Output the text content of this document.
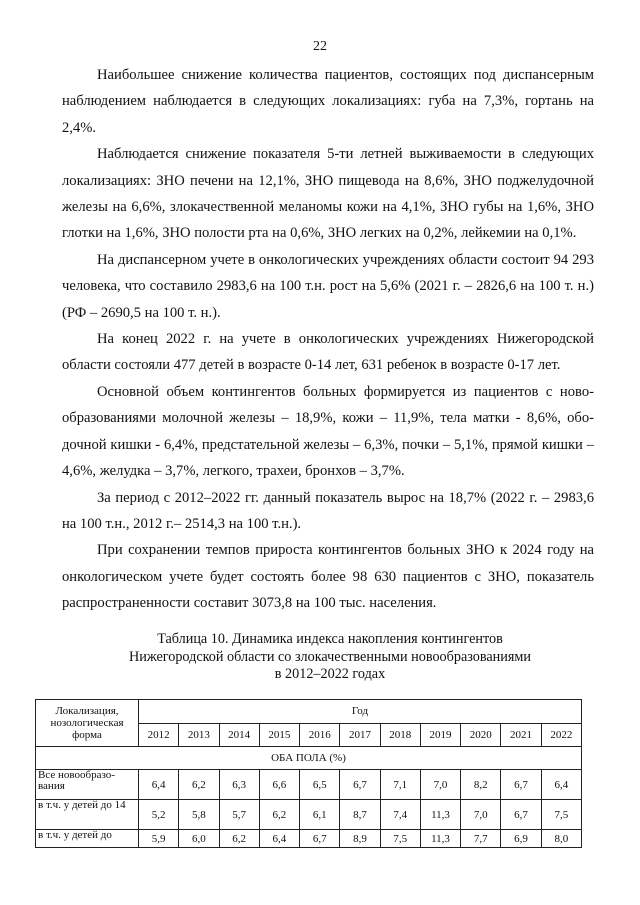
22

Наибольшее снижение количества пациентов, состоящих под диспансерным наблюдением наблюдается в следующих локализациях: губа на 7,3%, гортань на 2,4%.

Наблюдается снижение показателя 5-ти летней выживаемости в следующих локализациях: ЗНО печени на 12,1%, ЗНО пищевода на 8,6%, ЗНО поджелудочной железы на 6,6%, злокачественной меланомы кожи на 4,1%, ЗНО губы на 1,6%, ЗНО глотки на 1,6%, ЗНО полости рта на 0,6%, ЗНО легких на 0,2%, лейкемии на 0,1%.

На диспансерном учете в онкологических учреждениях области состоит 94 293 человека, что составило 2983,6 на 100 т.н. рост на 5,6% (2021 г. – 2826,6 на 100 т. н.) (РФ – 2690,5 на 100 т. н.).

На конец 2022 г. на учете в онкологических учреждениях Нижегородской области состояли 477 детей в возрасте 0-14 лет, 631 ребенок в возрасте 0-17 лет.

Основной объем контингентов больных формируется из пациентов с новообразованиями молочной железы – 18,9%, кожи – 11,9%, тела матки - 8,6%, ободочной кишки - 6,4%, предстательной железы – 6,3%, почки – 5,1%, прямой кишки – 4,6%, желудка – 3,7%, легкого, трахеи, бронхов – 3,7%.

За период с 2012–2022 гг. данный показатель вырос на 18,7% (2022 г. – 2983,6 на 100 т.н., 2012 г.– 2514,3 на 100 т.н.).

При сохранении темпов прироста контингентов больных ЗНО к 2024 году на онкологическом учете будет состоять более 98 630 пациентов с ЗНО, показатель распространенности составит 3073,8 на 100 тыс. населения.

Таблица 10. Динамика индекса накопления контингентов
Нижегородской области со злокачественными новообразованиями
в 2012–2022 годах
Локализация, нозологическая форма	Год										
	2012	2013	2014	2015	2016	2017	2018	2019	2020	2021	2022
ОБА ПОЛА (%)											
Все новообразования	6,4	6,2	6,3	6,6	6,5	6,7	7,1	7,0	8,2	6,7	6,4
в т.ч. у детей до 14	5,2	5,8	5,7	6,2	6,1	8,7	7,4	11,3	7,0	6,7	7,5
в т.ч. у детей до	5,9	6,0	6,2	6,4	6,7	8,9	7,5	11,3	7,7	6,9	8,0
